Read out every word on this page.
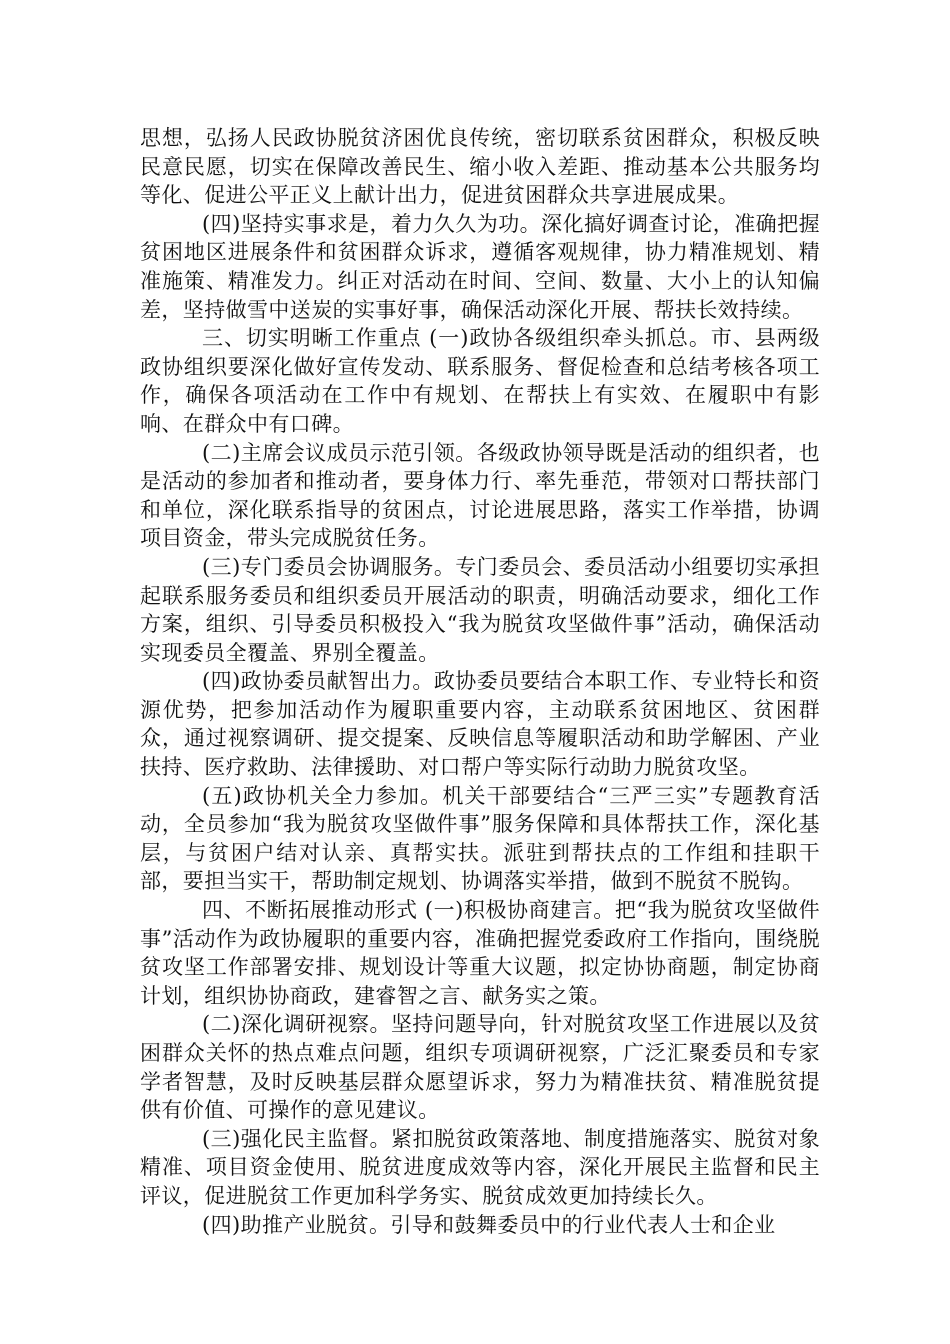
思想，弘扬人民政协脱贫济困优良传统，密切联系贫困群众，积极反映民意民愿，切实在保障改善民生、缩小收入差距、推动基本公共服务均等化、促进公平正义上献计出力，促进贫困群众共享进展成果。

(四)坚持实事求是，着力久久为功。深化搞好调查讨论，准确把握贫困地区进展条件和贫困群众诉求，遵循客观规律，协力精准规划、精准施策、精准发力。纠正对活动在时间、空间、数量、大小上的认知偏差，坚持做雪中送炭的实事好事，确保活动深化开展、帮扶长效持续。

三、切实明晰工作重点 (一)政协各级组织牵头抓总。市、县两级政协组织要深化做好宣传发动、联系服务、督促检查和总结考核各项工作，确保各项活动在工作中有规划、在帮扶上有实效、在履职中有影响、在群众中有口碑。

(二)主席会议成员示范引领。各级政协领导既是活动的组织者，也是活动的参加者和推动者，要身体力行、率先垂范，带领对口帮扶部门和单位，深化联系指导的贫困点，讨论进展思路，落实工作举措，协调项目资金，带头完成脱贫任务。

(三)专门委员会协调服务。专门委员会、委员活动小组要切实承担起联系服务委员和组织委员开展活动的职责，明确活动要求，细化工作方案，组织、引导委员积极投入“我为脱贫攻坚做件事”活动，确保活动实现委员全覆盖、界别全覆盖。

(四)政协委员献智出力。政协委员要结合本职工作、专业特长和资源优势，把参加活动作为履职重要内容，主动联系贫困地区、贫困群众，通过视察调研、提交提案、反映信息等履职活动和助学解困、产业扶持、医疗救助、法律援助、对口帮户等实际行动助力脱贫攻坚。

(五)政协机关全力参加。机关干部要结合“三严三实”专题教育活动，全员参加“我为脱贫攻坚做件事”服务保障和具体帮扶工作，深化基层，与贫困户结对认亲、真帮实扶。派驻到帮扶点的工作组和挂职干部，要担当实干，帮助制定规划、协调落实举措，做到不脱贫不脱钩。

四、不断拓展推动形式 (一)积极协商建言。把“我为脱贫攻坚做件事”活动作为政协履职的重要内容，准确把握党委政府工作指向，围绕脱贫攻坚工作部署安排、规划设计等重大议题，拟定协协商题，制定协商计划，组织协协商政，建睿智之言、献务实之策。

(二)深化调研视察。坚持问题导向，针对脱贫攻坚工作进展以及贫困群众关怀的热点难点问题，组织专项调研视察，广泛汇聚委员和专家学者智慧，及时反映基层群众愿望诉求，努力为精准扶贫、精准脱贫提供有价值、可操作的意见建议。

(三)强化民主监督。紧扣脱贫政策落地、制度措施落实、脱贫对象精准、项目资金使用、脱贫进度成效等内容，深化开展民主监督和民主评议，促进脱贫工作更加科学务实、脱贫成效更加持续长久。

(四)助推产业脱贫。引导和鼓舞委员中的行业代表人士和企业
